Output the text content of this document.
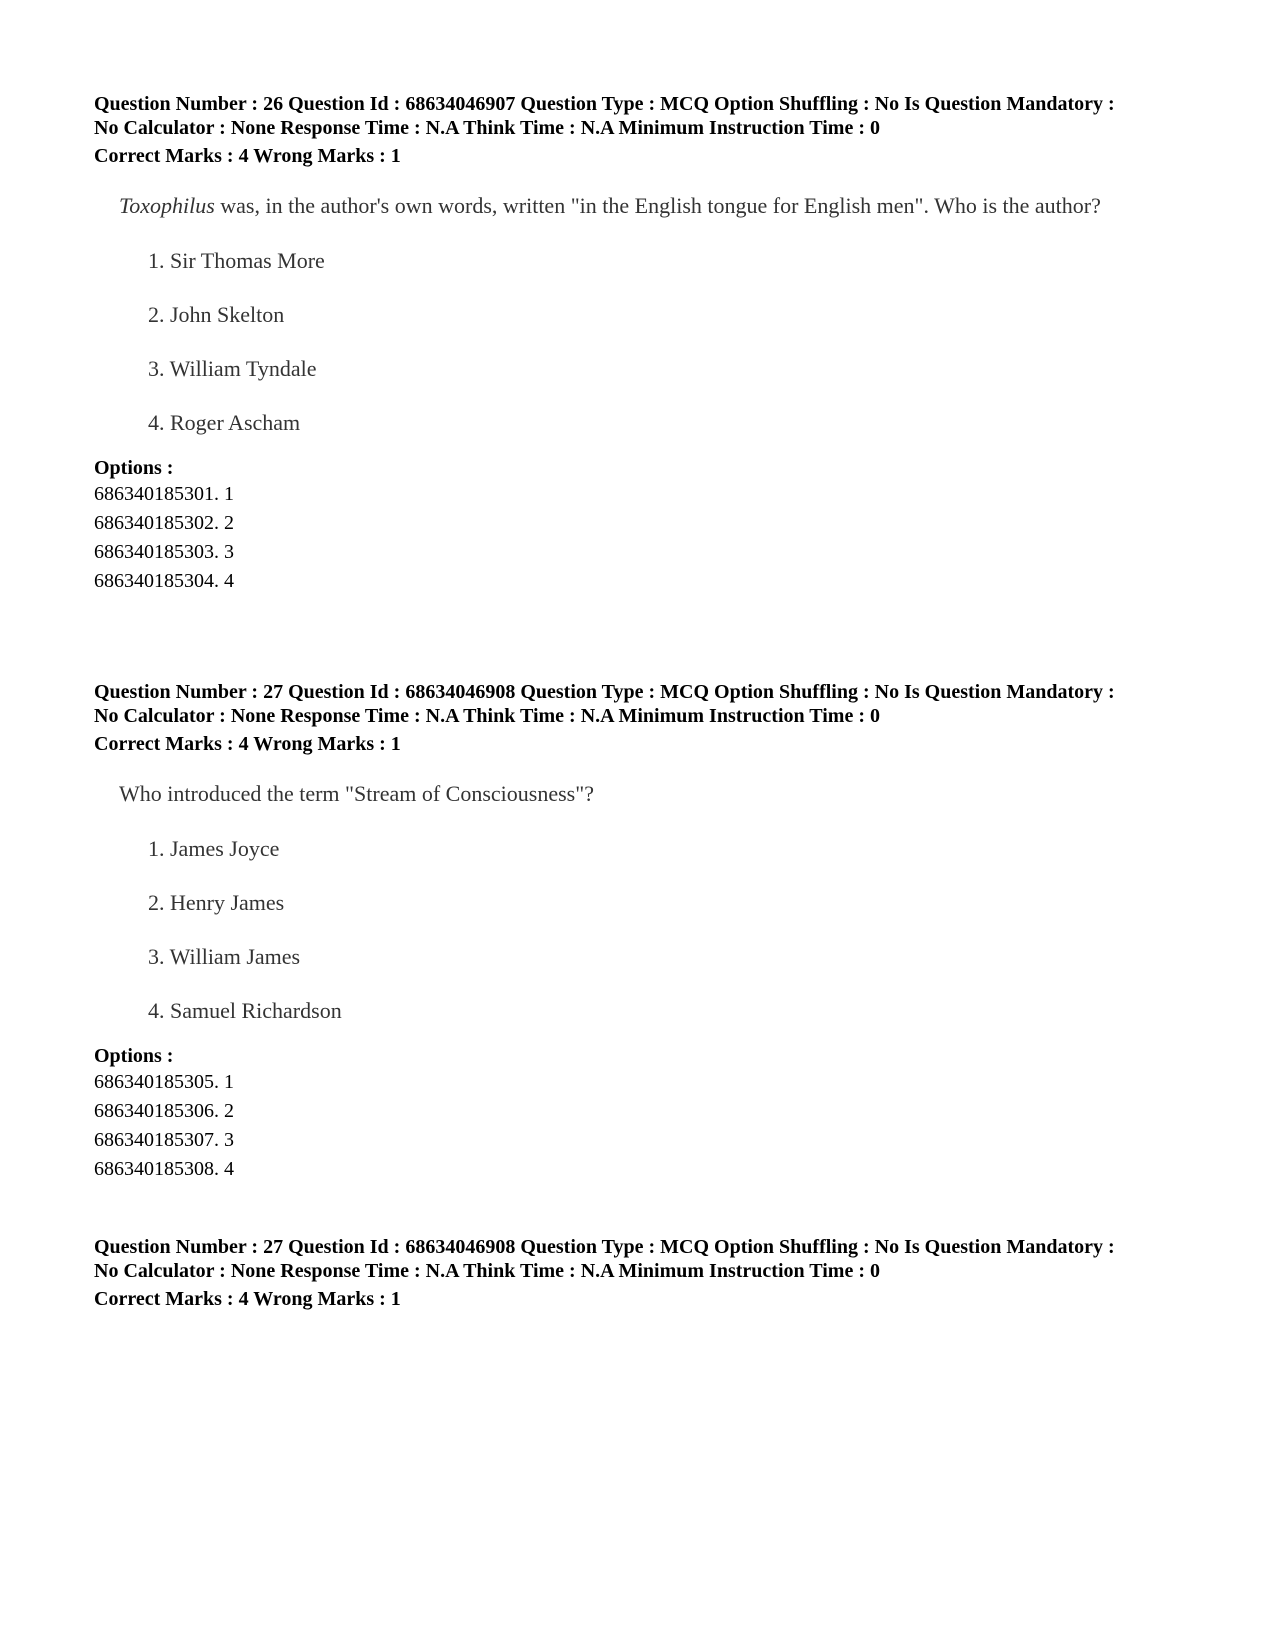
Question Number : 26 Question Id : 68634046907 Question Type : MCQ Option Shuffling : No Is Question Mandatory :
No Calculator : None Response Time : N.A Think Time : N.A Minimum Instruction Time : 0

Correct Marks : 4 Wrong Marks : 1

Toxophilus was, in the author's own words, written "in the English tongue for English men". Who is the author?

1. Sir Thomas More
2. John Skelton
3. William Tyndale
4. Roger Ascham
Options :
686340185301. 1
686340185302. 2
686340185303. 3
686340185304. 4

Question Number : 27 Question Id : 68634046908 Question Type : MCQ Option Shuffling : No Is Question Mandatory :
No Calculator : None Response Time : N.A Think Time : N.A Minimum Instruction Time : 0

Correct Marks : 4 Wrong Marks : 1

Who introduced the term "Stream of Consciousness"?

1. James Joyce
2. Henry James
3. William James
4. Samuel Richardson
Options :
686340185305. 1
686340185306. 2
686340185307. 3
686340185308. 4

Question Number : 27 Question Id : 68634046908 Question Type : MCQ Option Shuffling : No Is Question Mandatory :
No Calculator : None Response Time : N.A Think Time : N.A Minimum Instruction Time : 0

Correct Marks : 4 Wrong Marks : 1
